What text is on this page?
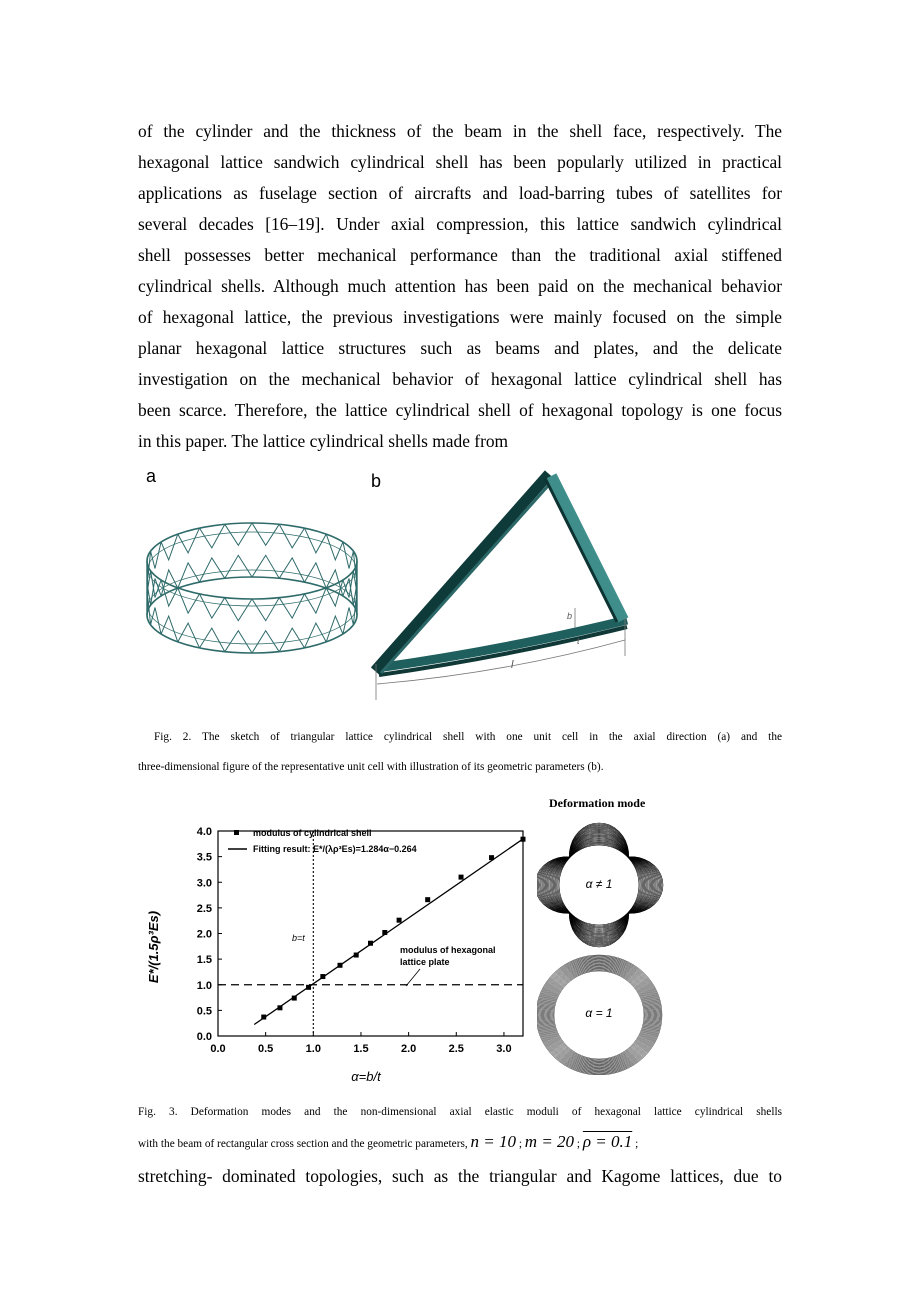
of the cylinder and the thickness of the beam in the shell face, respectively. The
hexagonal lattice sandwich cylindrical shell has been popularly utilized in practical
applications as fuselage section of aircrafts and load-barring tubes of satellites for
several decades [16–19]. Under axial compression, this lattice sandwich cylindrical
shell possesses better mechanical performance than the traditional axial stiffened
cylindrical shells. Although much attention has been paid on the mechanical behavior
of hexagonal lattice, the previous investigations were mainly focused on the simple
planar hexagonal lattice structures such as beams and plates, and the delicate
investigation on the mechanical behavior of hexagonal lattice cylindrical shell has
been scarce. Therefore, the lattice cylindrical shell of hexagonal topology is one focus
in this paper. The lattice cylindrical shells made from
a	b
b
t
l
Fig. 2. The sketch of triangular lattice cylindrical shell with one unit cell in the axial direction (a) and the
three-dimensional figure of the representative unit cell with illustration of its geometric parameters (b).
0.0	0.5	1.0	1.5	2.0	2.5	3.0
0.0
0.5
1.0
1.5
2.0
2.5
3.0
3.5
4.0	modulus of cylindrical shell
Fitting result: E*/(λρ³Es)=1.284α−0.264
b=t
modulus of hexagonal
lattice plate
E*/(1.5ρ³Es)
α=b/t
Deformation mode
α ≠ 1
α = 1
Fig. 3. Deformation modes and the non-dimensional axial elastic moduli of hexagonal lattice cylindrical shells
with the beam of rectangular cross section and the geometric parameters, n = 10 ; m = 20 ; ρ = 0.1 ;
stretching- dominated topologies, such as the triangular and Kagome lattices, due to
